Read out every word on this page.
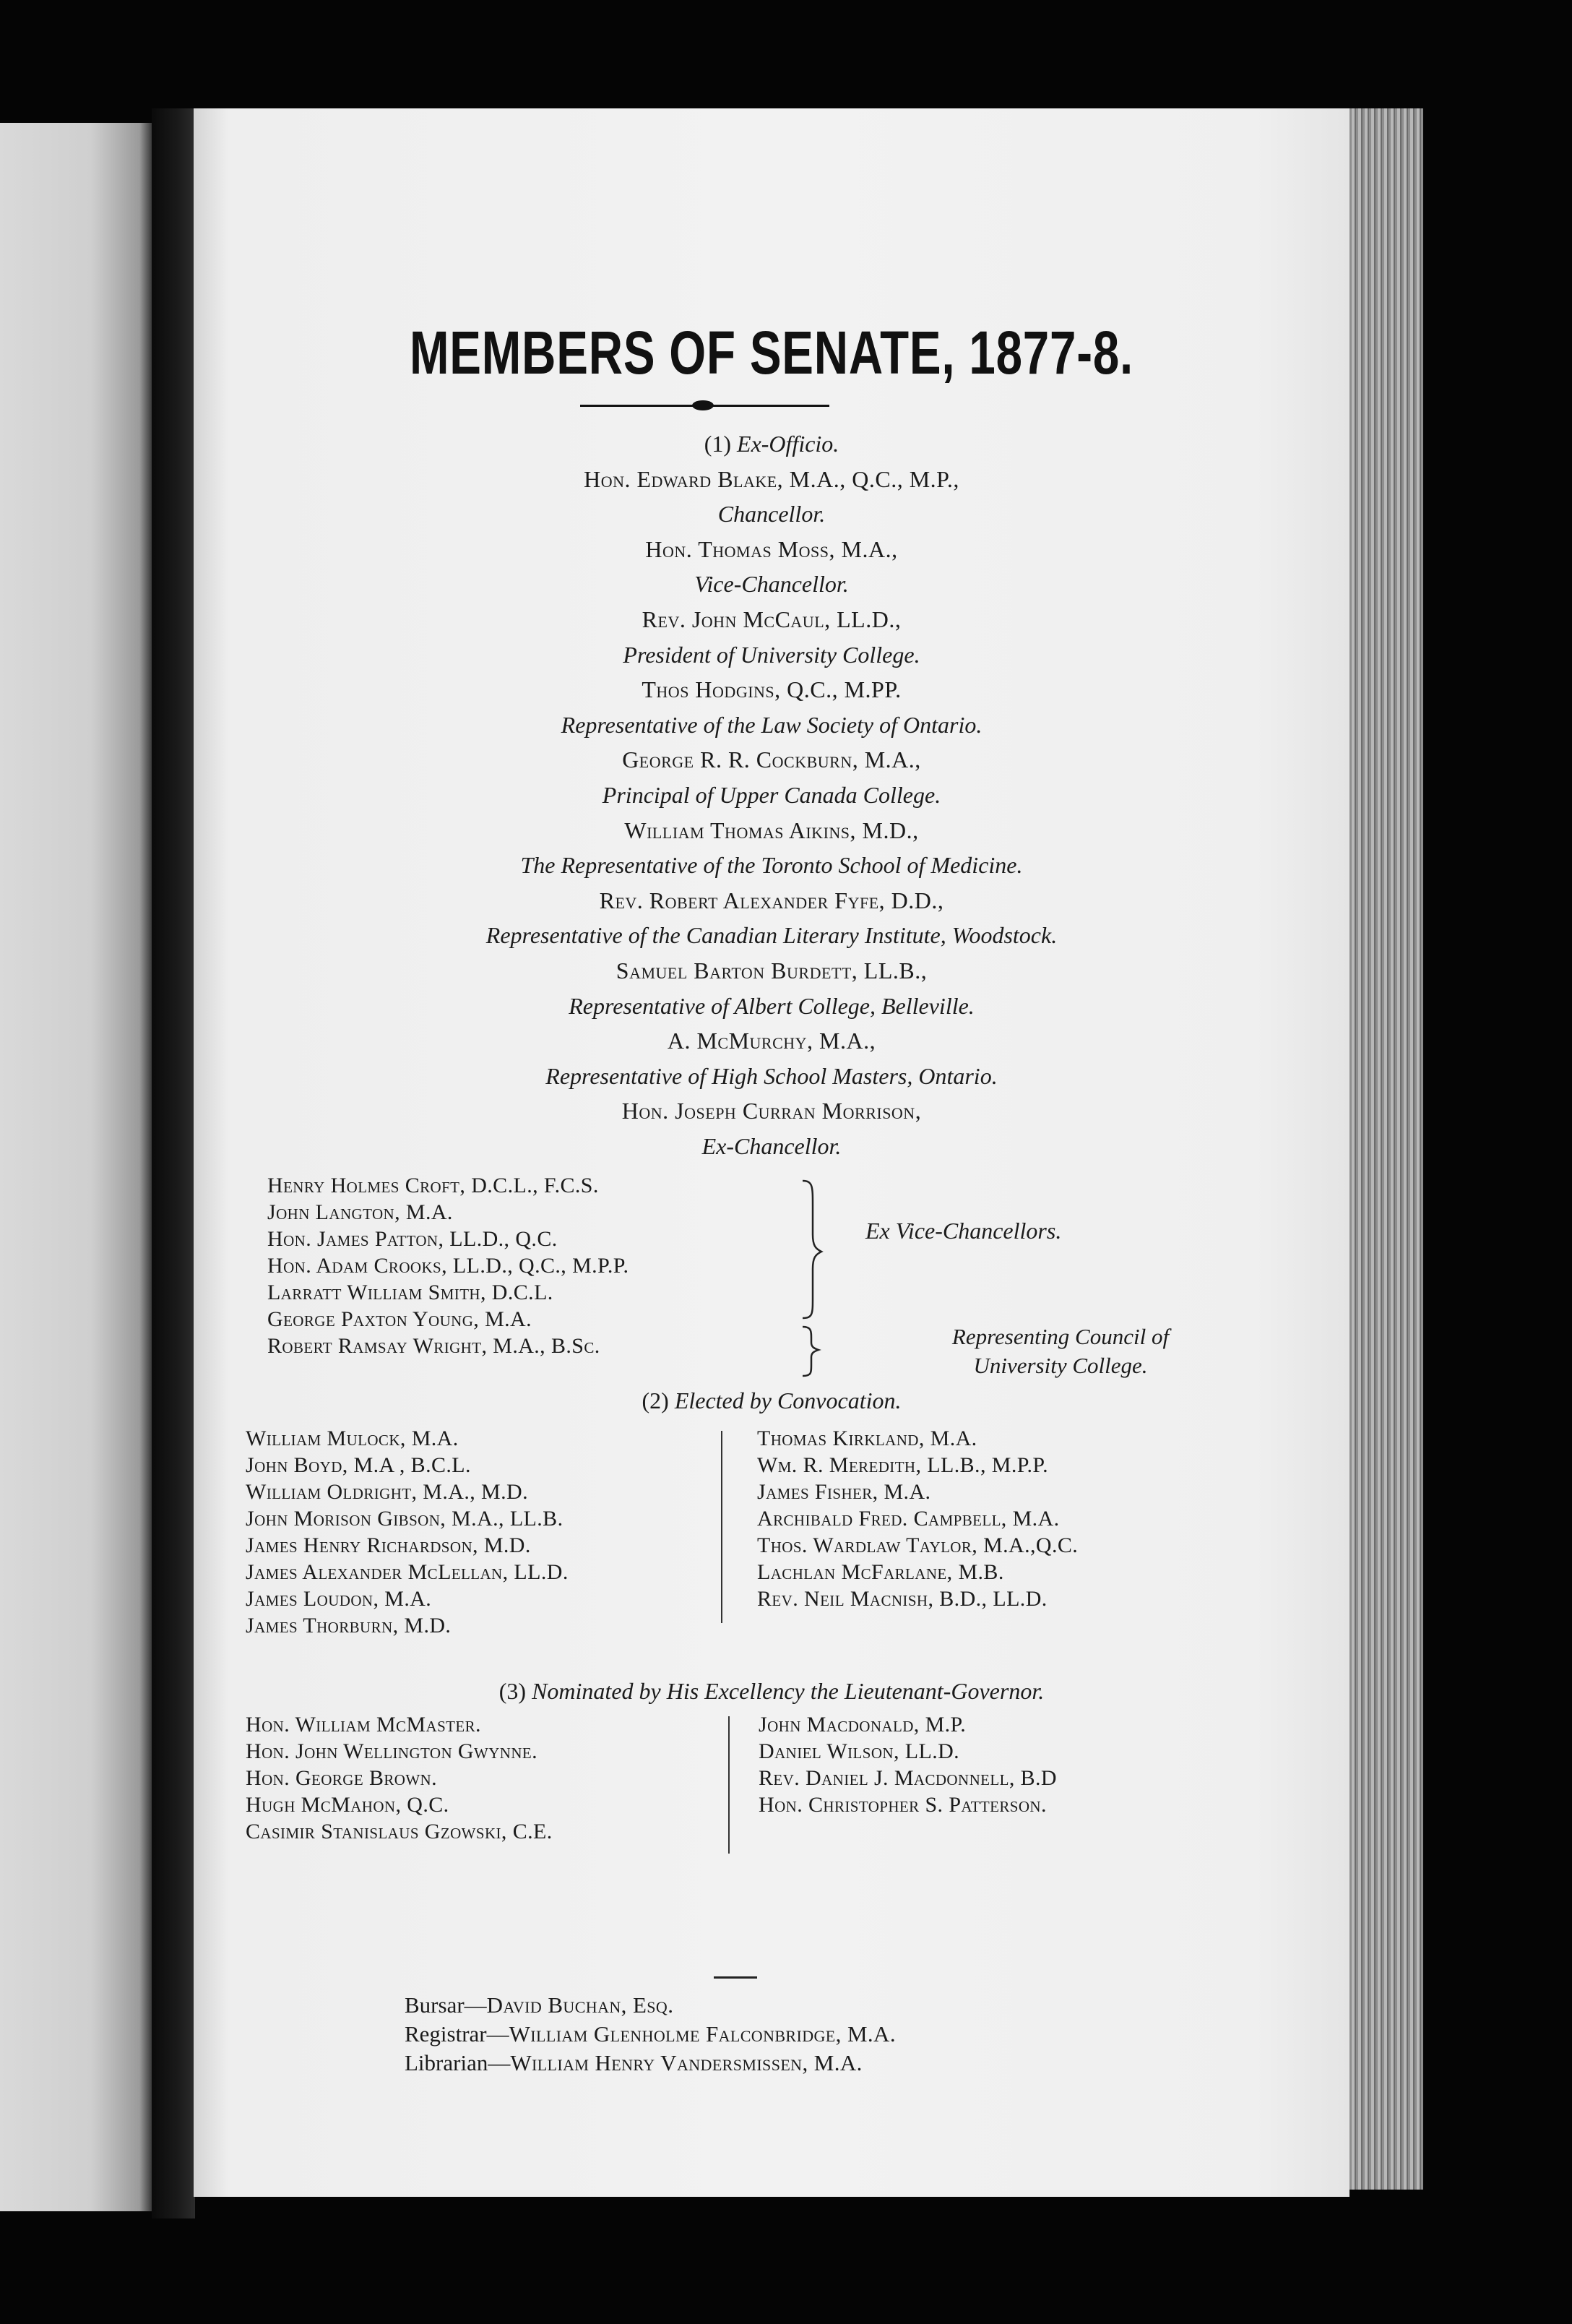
MEMBERS OF SENATE, 1877-8.
(1) Ex-Officio.
Hon. Edward Blake, M.A., Q.C., M.P.,
Chancellor.
Hon. Thomas Moss, M.A.,
Vice-Chancellor.
Rev. John McCaul, LL.D.,
President of University College.
Thos Hodgins, Q.C., M.PP.
Representative of the Law Society of Ontario.
George R. R. Cockburn, M.A.,
Principal of Upper Canada College.
William Thomas Aikins, M.D.,
The Representative of the Toronto School of Medicine.
Rev. Robert Alexander Fyfe, D.D.,
Representative of the Canadian Literary Institute, Woodstock.
Samuel Barton Burdett, LL.B.,
Representative of Albert College, Belleville.
A. McMurchy, M.A.,
Representative of High School Masters, Ontario.
Hon. Joseph Curran Morrison,
Ex-Chancellor.
Henry Holmes Croft, D.C.L., F.C.S.
John Langton, M.A.
Hon. James Patton, LL.D., Q.C.
Hon. Adam Crooks, LL.D., Q.C., M.P.P.
Larratt William Smith, D.C.L.
George Paxton Young, M.A.
Robert Ramsay Wright, M.A., B.Sc.
Ex Vice-Chancellors.
Representing Council of
University College.
(2) Elected by Convocation.
William Mulock, M.A.
John Boyd, M.A , B.C.L.
William Oldright, M.A., M.D.
John Morison Gibson, M.A., LL.B.
James Henry Richardson, M.D.
James Alexander McLellan, LL.D.
James Loudon, M.A.
James Thorburn, M.D.
Thomas Kirkland, M.A.
Wm. R. Meredith, LL.B., M.P.P.
James Fisher, M.A.
Archibald Fred. Campbell, M.A.
Thos. Wardlaw Taylor, M.A.,Q.C.
Lachlan McFarlane, M.B.
Rev. Neil Macnish, B.D., LL.D.
(3) Nominated by His Excellency the Lieutenant-Governor.
Hon. William McMaster.
Hon. John Wellington Gwynne.
Hon. George Brown.
Hugh McMahon, Q.C.
Casimir Stanislaus Gzowski, C.E.
John Macdonald, M.P.
Daniel Wilson, LL.D.
Rev. Daniel J. Macdonnell, B.D
Hon. Christopher S. Patterson.
Bursar—David Buchan, Esq.
Registrar—William Glenholme Falconbridge, M.A.
Librarian—William Henry Vandersmissen, M.A.
